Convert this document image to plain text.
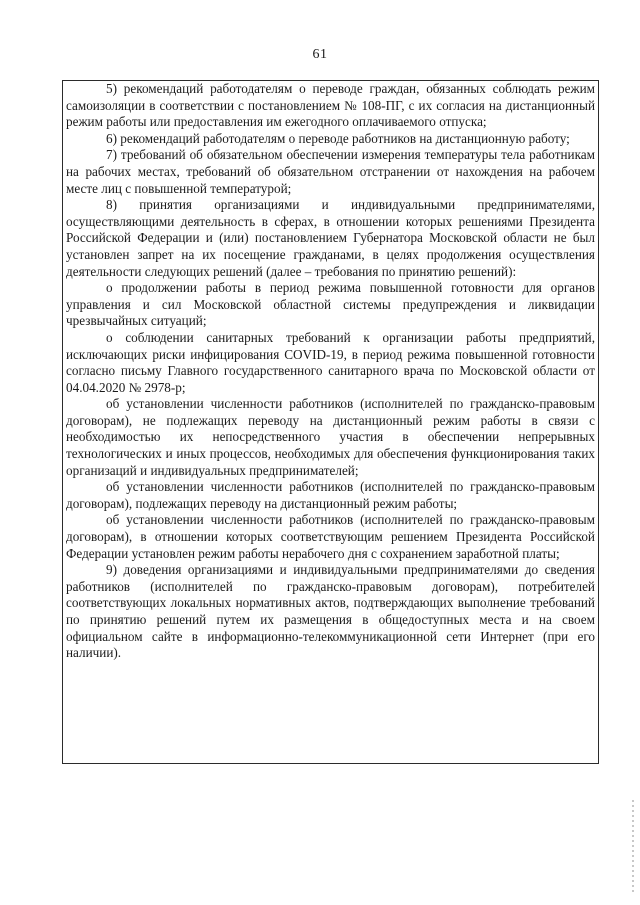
61

5) рекомендаций работодателям о переводе граждан, обязанных соблюдать режим самоизоляции в соответствии с постановлением № 108-ПГ, с их согласия на дистанционный режим работы или предоставления им ежегодного оплачиваемого отпуска;

6) рекомендаций работодателям о переводе работников на дистанционную работу;

7) требований об обязательном обеспечении измерения температуры тела работникам на рабочих местах, требований об обязательном отстранении от нахождения на рабочем месте лиц с повышенной температурой;

8) принятия организациями и индивидуальными предпринимателями, осуществляющими деятельность в сферах, в отношении которых решениями Президента Российской Федерации и (или) постановлением Губернатора Московской области не был установлен запрет на их посещение гражданами, в целях продолжения осуществления деятельности следующих решений (далее – требования по принятию решений):

о продолжении работы в период режима повышенной готовности для органов управления и сил Московской областной системы предупреждения и ликвидации чрезвычайных ситуаций;

о соблюдении санитарных требований к организации работы предприятий, исключающих риски инфицирования COVID-19, в период режима повышенной готовности согласно письму Главного государственного санитарного врача по Московской области от 04.04.2020 № 2978-р;

об установлении численности работников (исполнителей по гражданско-правовым договорам), не подлежащих переводу на дистанционный режим работы в связи с необходимостью их непосредственного участия в обеспечении непрерывных технологических и иных процессов, необходимых для обеспечения функционирования таких организаций и индивидуальных предпринимателей;

об установлении численности работников (исполнителей по гражданско-правовым договорам), подлежащих переводу на дистанционный режим работы;

об установлении численности работников (исполнителей по гражданско-правовым договорам), в отношении которых соответствующим решением Президента Российской Федерации установлен режим работы нерабочего дня с сохранением заработной платы;

9) доведения организациями и индивидуальными предпринимателями до сведения работников (исполнителей по гражданско-правовым договорам), потребителей соответствующих локальных нормативных актов, подтверждающих выполнение требований по принятию решений путем их размещения в общедоступных места и на своем официальном сайте в информационно-телекоммуникационной сети Интернет (при его наличии).
